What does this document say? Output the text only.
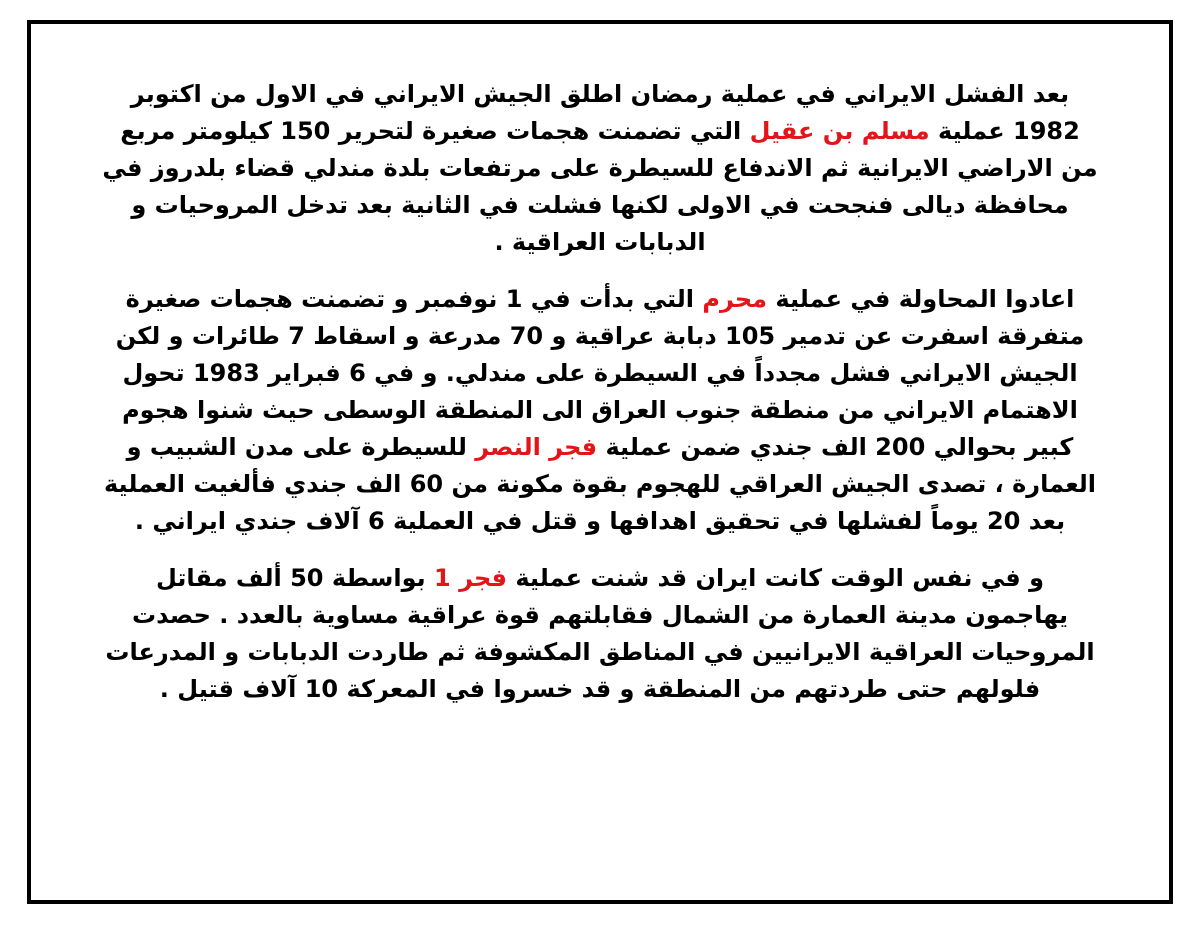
بعد الفشل الايراني في عملية رمضان اطلق الجيش الايراني في الاول من اكتوبر 1982 عملية مسلم بن عقيل التي تضمنت هجمات صغيرة لتحرير 150 كيلومتر مربع من الاراضي الايرانية ثم الاندفاع للسيطرة على مرتفعات بلدة مندلي قضاء بلدروز في محافظة ديالى فنجحت في الاولى لكنها فشلت في الثانية بعد تدخل المروحيات و الدبابات العراقية .

اعادوا المحاولة في عملية محرم التي بدأت في 1 نوفمبر و تضمنت هجمات صغيرة متفرقة اسفرت عن تدمير 105 دبابة عراقية و 70 مدرعة و اسقاط 7 طائرات و لكن الجيش الايراني فشل مجدداً في السيطرة على مندلي. و في 6 فبراير 1983 تحول الاهتمام الايراني من منطقة جنوب العراق الى المنطقة الوسطى حيث شنوا هجوم كبير بحوالي 200 الف جندي ضمن عملية فجر النصر للسيطرة على مدن الشبيب و العمارة ، تصدى الجيش العراقي للهجوم بقوة مكونة من 60 الف جندي فألغيت العملية بعد 20 يوماً لفشلها في تحقيق اهدافها و قتل في العملية 6 آلاف جندي ايراني .

و في نفس الوقت كانت ايران قد شنت عملية فجر 1 بواسطة 50 ألف مقاتل يهاجمون مدينة العمارة من الشمال فقابلتهم قوة عراقية مساوية بالعدد . حصدت المروحيات العراقية الايرانيين في المناطق المكشوفة ثم طاردت الدبابات و المدرعات فلولهم حتى طردتهم من المنطقة و قد خسروا في المعركة 10 آلاف قتيل .
